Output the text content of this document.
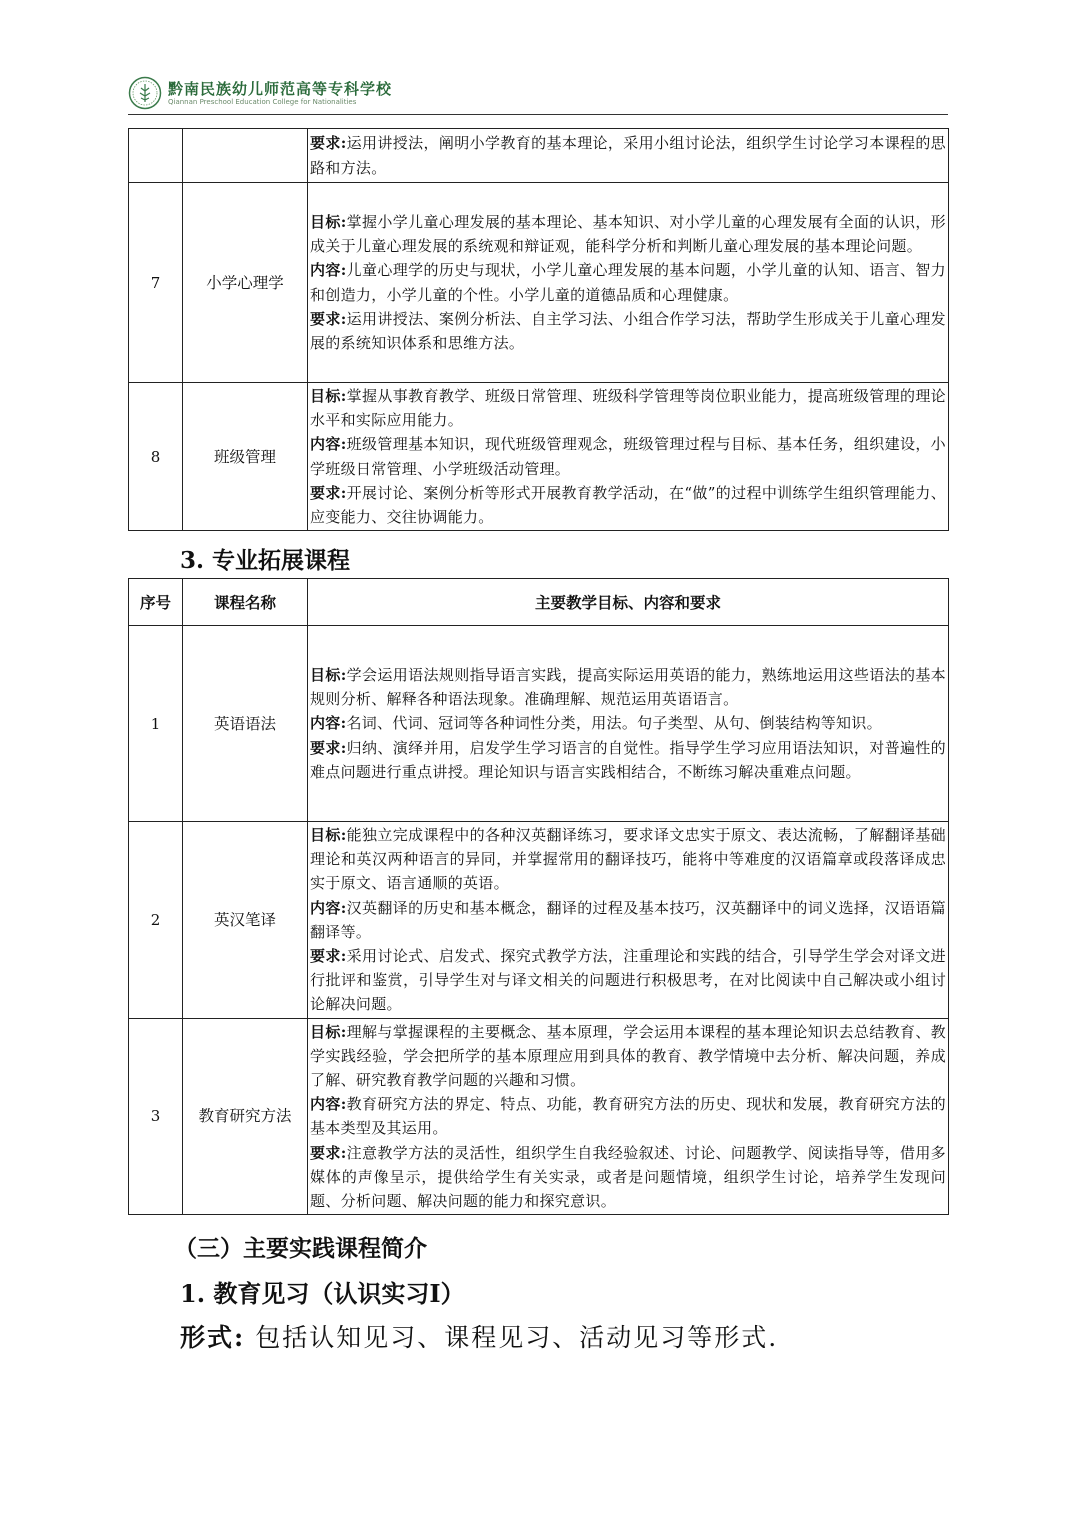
黔南民族幼儿师范高等专科学校
Qiannan Preschool Education College for Nationalities

		要求:运用讲授法，阐明小学教育的基本理论，采用小组讨论法，组织学生讨论学习本课程的思路和方法。

7	小学心理学	目标:掌握小学儿童心理发展的基本理论、基本知识、对小学儿童的心理发展有全面的认识，形成关于儿童心理发展的系统观和辩证观，能科学分析和判断儿童心理发展的基本理论问题。

内容:儿童心理学的历史与现状，小学儿童心理发展的基本问题，小学儿童的认知、语言、智力和创造力，小学儿童的个性。小学儿童的道德品质和心理健康。

要求:运用讲授法、案例分析法、自主学习法、小组合作学习法，帮助学生形成关于儿童心理发展的系统知识体系和思维方法。

8	班级管理	目标:掌握从事教育教学、班级日常管理、班级科学管理等岗位职业能力，提高班级管理的理论水平和实际应用能力。

内容:班级管理基本知识，现代班级管理观念，班级管理过程与目标、基本任务，组织建设，小学班级日常管理、小学班级活动管理。

要求:开展讨论、案例分析等形式开展教育教学活动，在“做”的过程中训练学生组织管理能力、应变能力、交往协调能力。

3. 专业拓展课程
序号	课程名称	主要教学目标、内容和要求
1	英语语法	目标:学会运用语法规则指导语言实践，提高实际运用英语的能力，熟练地运用这些语法的基本规则分析、解释各种语法现象。准确理解、规范运用英语语言。

内容:名词、代词、冠词等各种词性分类，用法。句子类型、从句、倒装结构等知识。

要求:归纳、演绎并用，启发学生学习语言的自觉性。指导学生学习应用语法知识，对普遍性的难点问题进行重点讲授。理论知识与语言实践相结合，不断练习解决重难点问题。

2	英汉笔译	目标:能独立完成课程中的各种汉英翻译练习，要求译文忠实于原文、表达流畅，了解翻译基础理论和英汉两种语言的异同，并掌握常用的翻译技巧，能将中等难度的汉语篇章或段落译成忠实于原文、语言通顺的英语。

内容:汉英翻译的历史和基本概念，翻译的过程及基本技巧，汉英翻译中的词义选择，汉语语篇翻译等。

要求:采用讨论式、启发式、探究式教学方法，注重理论和实践的结合，引导学生学会对译文进行批评和鉴赏，引导学生对与译文相关的问题进行积极思考，在对比阅读中自己解决或小组讨论解决问题。

3	教育研究方法	目标:理解与掌握课程的主要概念、基本原理，学会运用本课程的基本理论知识去总结教育、教学实践经验，学会把所学的基本原理应用到具体的教育、教学情境中去分析、解决问题，养成了解、研究教育教学问题的兴趣和习惯。

内容:教育研究方法的界定、特点、功能，教育研究方法的历史、现状和发展，教育研究方法的基本类型及其运用。

要求:注意教学方法的灵活性，组织学生自我经验叙述、讨论、问题教学、阅读指导等，借用多媒体的声像呈示，提供给学生有关实录，或者是问题情境，组织学生讨论，培养学生发现问题、分析问题、解决问题的能力和探究意识。

（三）主要实践课程简介
1. 教育见习（认识实习Ⅰ）
形式: 包括认知见习、课程见习、活动见习等形式.
